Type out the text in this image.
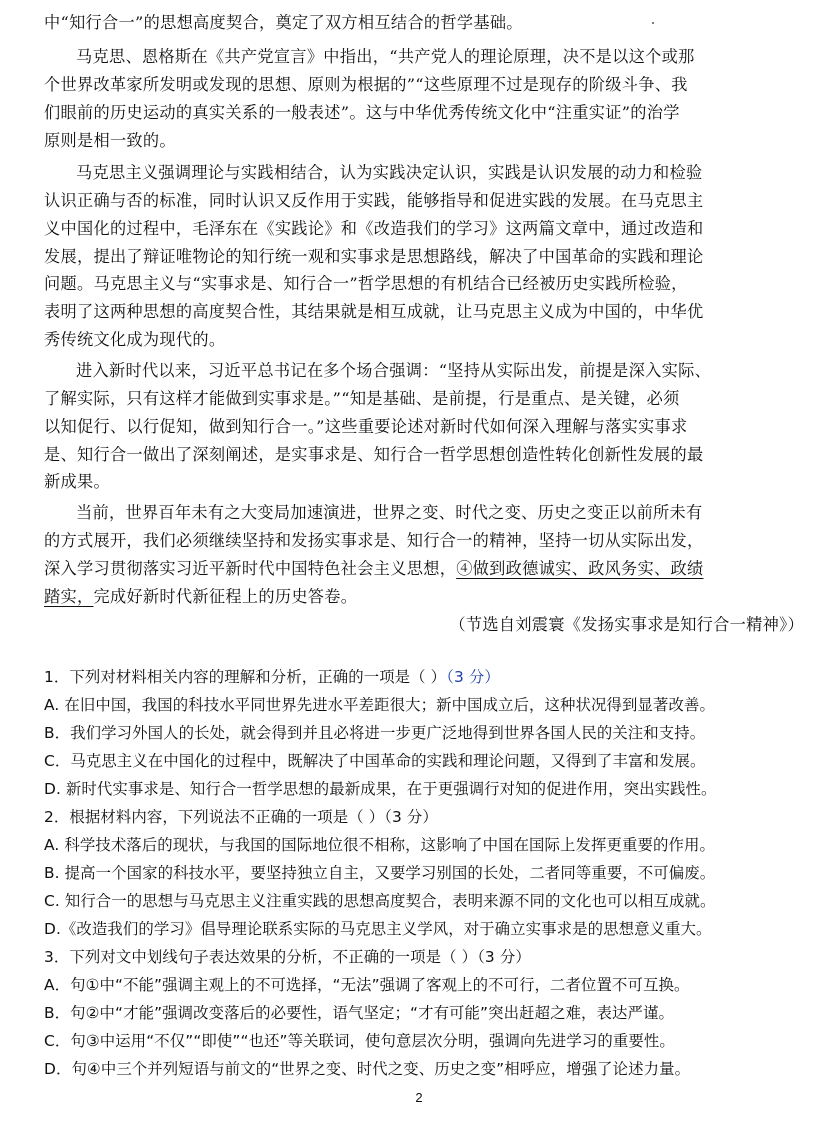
中“知行合一”的思想高度契合，奠定了双方相互结合的哲学基础。
马克思、恩格斯在《共产党宣言》中指出，“共产党人的理论原理，决不是以这个或那
个世界改革家所发明或发现的思想、原则为根据的”“这些原理不过是现存的阶级斗争、我
们眼前的历史运动的真实关系的一般表述”。这与中华优秀传统文化中“注重实证”的治学
原则是相一致的。
马克思主义强调理论与实践相结合，认为实践决定认识，实践是认识发展的动力和检验
认识正确与否的标准，同时认识又反作用于实践，能够指导和促进实践的发展。在马克思主
义中国化的过程中，毛泽东在《实践论》和《改造我们的学习》这两篇文章中，通过改造和
发展，提出了辩证唯物论的知行统一观和实事求是思想路线，解决了中国革命的实践和理论
问题。马克思主义与“实事求是、知行合一”哲学思想的有机结合已经被历史实践所检验，
表明了这两种思想的高度契合性，其结果就是相互成就，让马克思主义成为中国的，中华优
秀传统文化成为现代的。
进入新时代以来，习近平总书记在多个场合强调：“坚持从实际出发，前提是深入实际、
了解实际，只有这样才能做到实事求是。”“知是基础、是前提，行是重点、是关键，必须
以知促行、以行促知，做到知行合一。”这些重要论述对新时代如何深入理解与落实实事求
是、知行合一做出了深刻阐述，是实事求是、知行合一哲学思想创造性转化创新性发展的最
新成果。
当前，世界百年未有之大变局加速演进，世界之变、时代之变、历史之变正以前所未有
的方式展开，我们必须继续坚持和发扬实事求是、知行合一的精神，坚持一切从实际出发，
深入学习贯彻落实习近平新时代中国特色社会主义思想，④做到政德诚实、政风务实、政绩
踏实，完成好新时代新征程上的历史答卷。
（节选自刘震寰《发扬实事求是知行合一精神》）
1．下列对材料相关内容的理解和分析，正确的一项是（ ）（3 分）
A. 在旧中国，我国的科技水平同世界先进水平差距很大；新中国成立后，这种状况得到显著改善。
B．我们学习外国人的长处，就会得到并且必将进一步更广泛地得到世界各国人民的关注和支持。
C．马克思主义在中国化的过程中，既解决了中国革命的实践和理论问题，又得到了丰富和发展。
D. 新时代实事求是、知行合一哲学思想的最新成果，在于更强调行对知的促进作用，突出实践性。
2．根据材料内容，下列说法不正确的一项是（ ）（3 分）
A. 科学技术落后的现状，与我国的国际地位很不相称，这影响了中国在国际上发挥更重要的作用。
B. 提高一个国家的科技水平，要坚持独立自主，又要学习别国的长处，二者同等重要，不可偏废。
C. 知行合一的思想与马克思主义注重实践的思想高度契合，表明来源不同的文化也可以相互成就。
D.《改造我们的学习》倡导理论联系实际的马克思主义学风，对于确立实事求是的思想意义重大。
3．下列对文中划线句子表达效果的分析，不正确的一项是（ ）（3 分）
A．句①中“不能”强调主观上的不可选择，“无法”强调了客观上的不可行，二者位置不可互换。
B．句②中“才能”强调改变落后的必要性，语气坚定；“才有可能”突出赶超之难，表达严谨。
C．句③中运用“不仅”“即使”“也还”等关联词，使句意层次分明，强调向先进学习的重要性。
D．句④中三个并列短语与前文的“世界之变、时代之变、历史之变”相呼应，增强了论述力量。
2
